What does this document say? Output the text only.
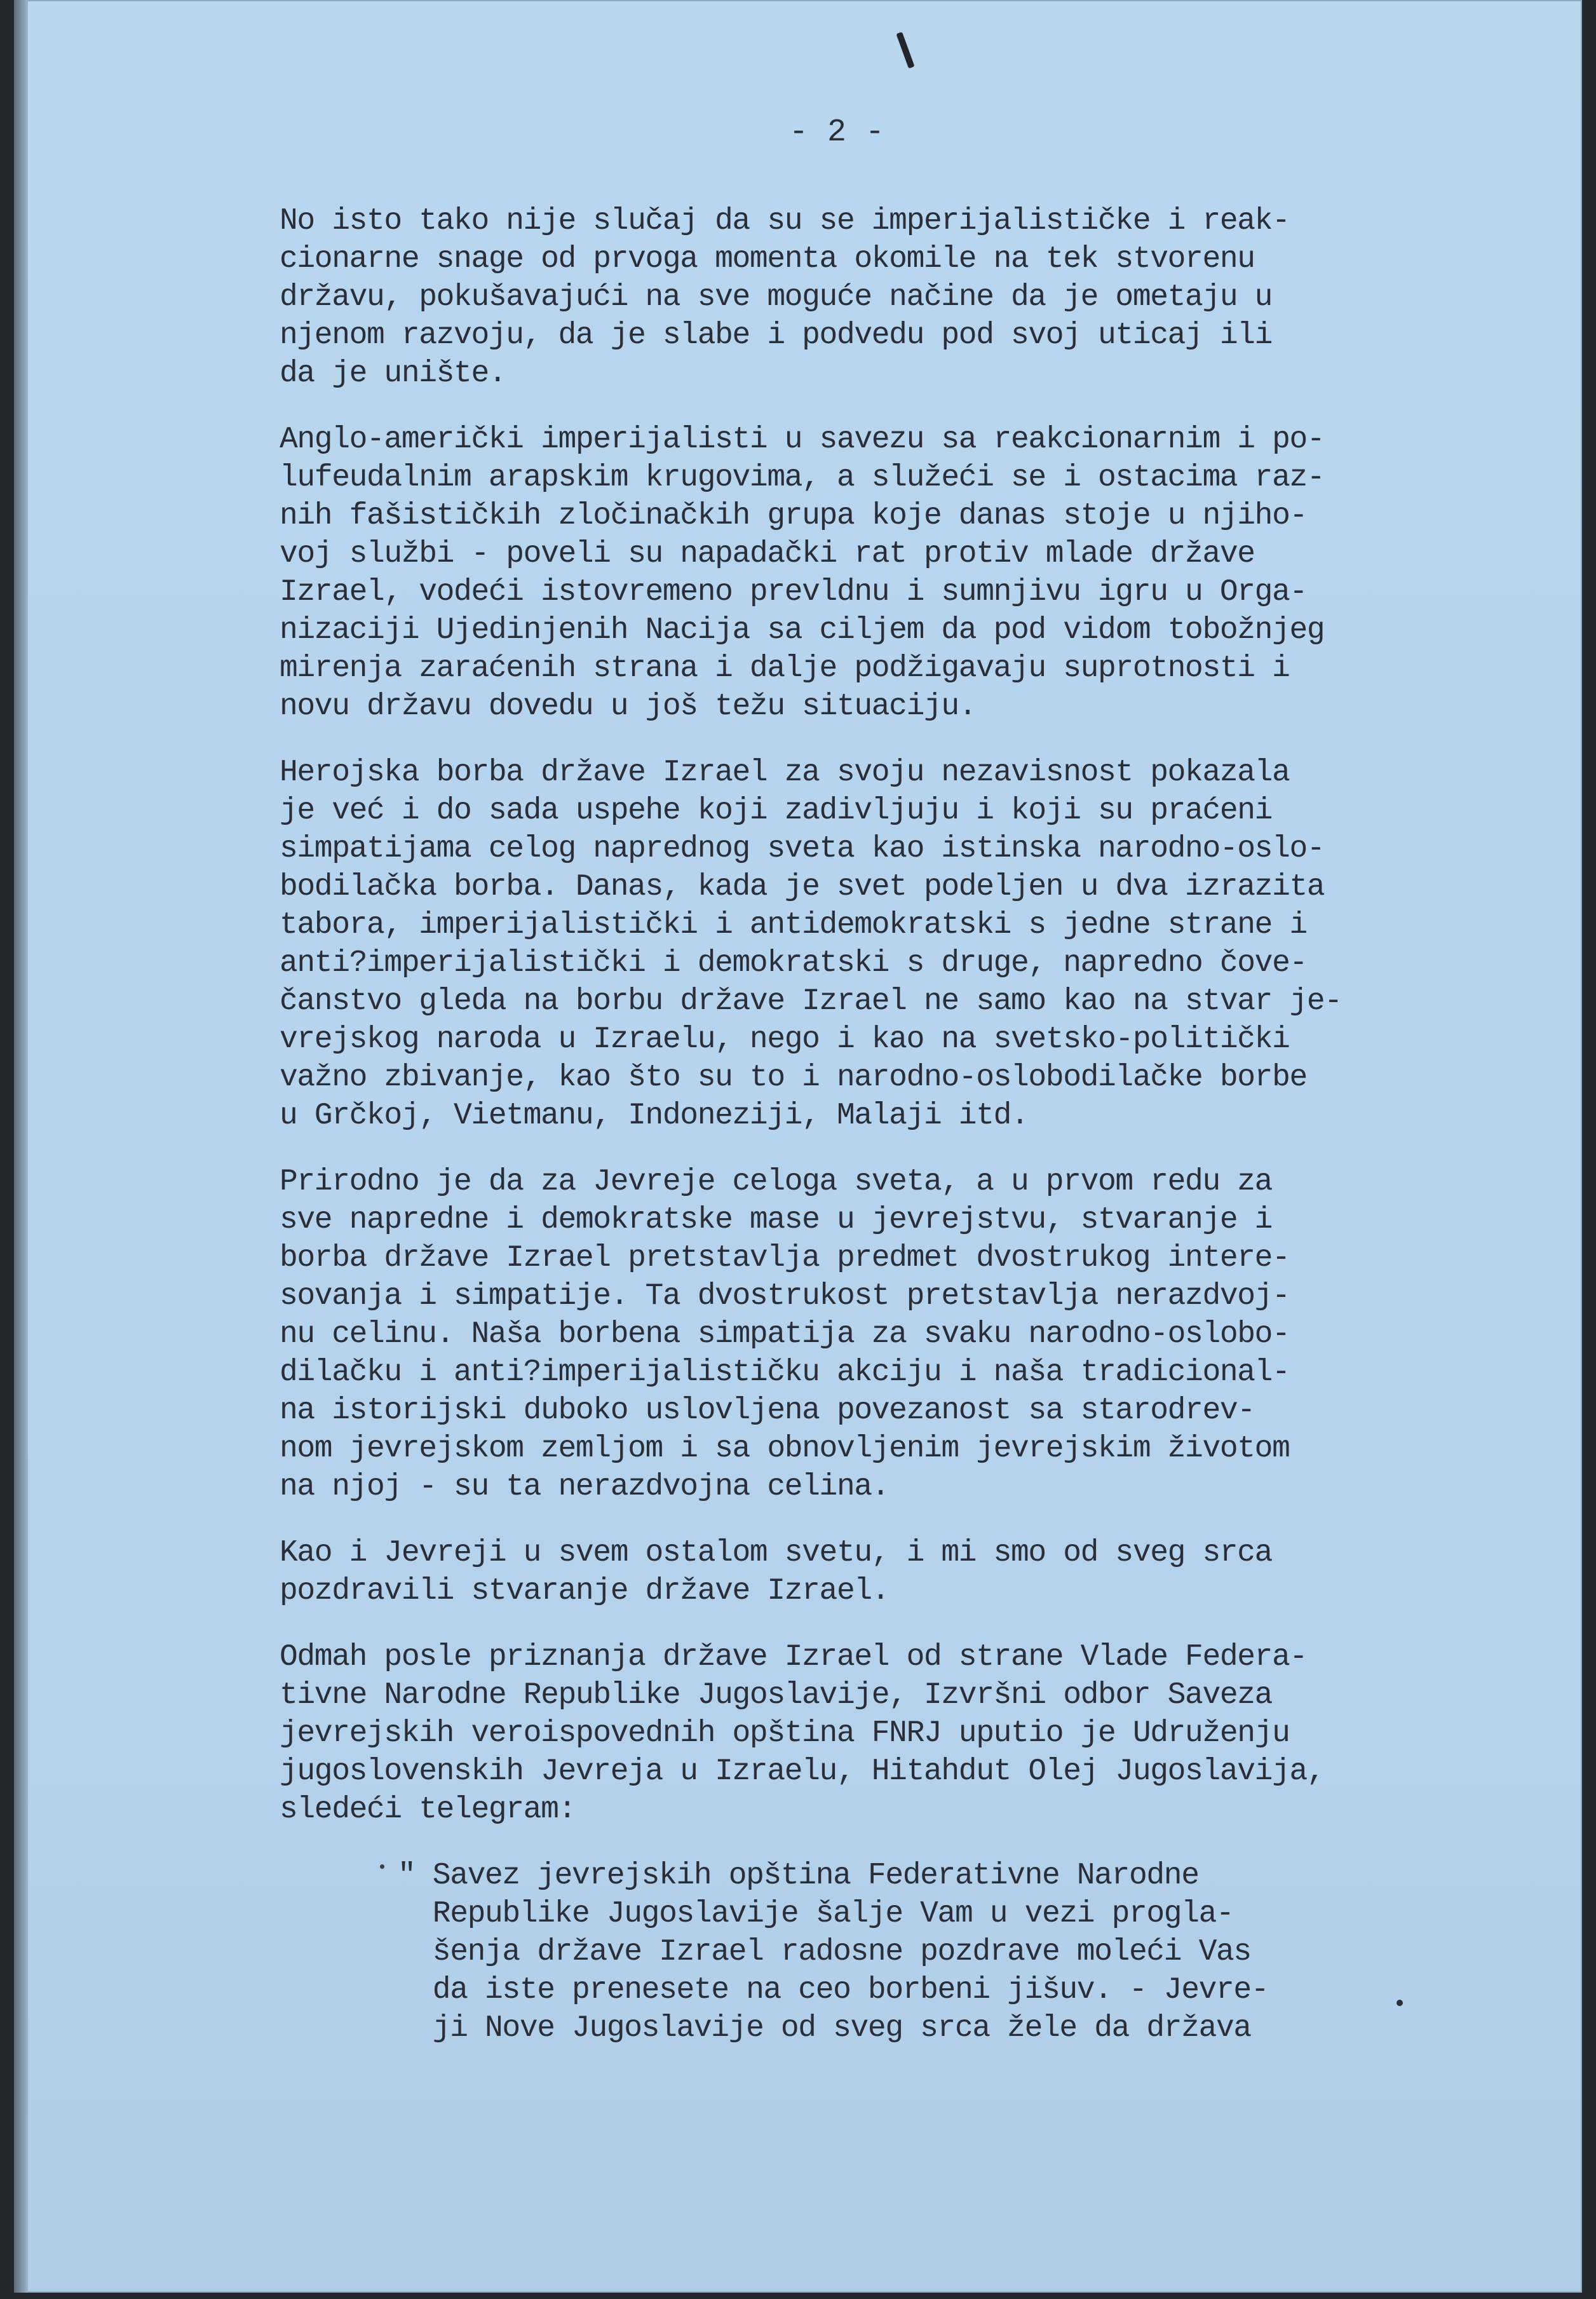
- 2 -
No isto tako nije slučaj da su se imperijalističke i reak-
cionarne snage od prvoga momenta okomile na tek stvorenu
državu, pokušavajući na sve moguće načine da je ometaju u
njenom razvoju, da je slabe i podvedu pod svoj uticaj ili
da je unište.
Anglo-američki imperijalisti u savezu sa reakcionarnim i po-
lufeudalnim arapskim krugovima, a služeći se i ostacima raz-
nih fašističkih zločinačkih grupa koje danas stoje u njiho-
voj službi - poveli su napadački rat protiv mlade države
Izrael, vodeći istovremeno prevldnu i sumnjivu igru u Orga-
nizaciji Ujedinjenih Nacija sa ciljem da pod vidom tobožnjeg
mirenja zaraćenih strana i dalje podžigavaju suprotnosti i
novu državu dovedu u još težu situaciju.
Herojska borba države Izrael za svoju nezavisnost pokazala
je već i do sada uspehe koji zadivljuju i koji su praćeni
simpatijama celog naprednog sveta kao istinska narodno-oslo-
bodilačka borba. Danas, kada je svet podeljen u dva izrazita
tabora, imperijalistički i antidemokratski s jedne strane i
anti?imperijalistički i demokratski s druge, napredno čove-
čanstvo gleda na borbu države Izrael ne samo kao na stvar je-
vrejskog naroda u Izraelu, nego i kao na svetsko-politički
važno zbivanje, kao što su to i narodno-oslobodilačke borbe
u Grčkoj, Vietmanu, Indoneziji, Malaji itd.
Prirodno je da za Jevreje celoga sveta, a u prvom redu za
sve napredne i demokratske mase u jevrejstvu, stvaranje i
borba države Izrael pretstavlja predmet dvostrukog intere-
sovanja i simpatije. Ta dvostrukost pretstavlja nerazdvoj-
nu celinu. Naša borbena simpatija za svaku narodno-oslobo-
dilačku i anti?imperijalističku akciju i naša tradicional-
na istorijski duboko uslovljena povezanost sa starodrev-
nom jevrejskom zemljom i sa obnovljenim jevrejskim životom
na njoj - su ta nerazdvojna celina.
Kao i Jevreji u svem ostalom svetu, i mi smo od sveg srca
pozdravili stvaranje države Izrael.
Odmah posle priznanja države Izrael od strane Vlade Federa-
tivne Narodne Republike Jugoslavije, Izvršni odbor Saveza
jevrejskih veroispovednih opština FNRJ uputio je Udruženju
jugoslovenskih Jevreja u Izraelu, Hitahdut Olej Jugoslavija,
sledeći telegram:
" Savez jevrejskih opština Federativne Narodne
Republike Jugoslavije šalje Vam u vezi progla-
šenja države Izrael radosne pozdrave moleći Vas
da iste prenesete na ceo borbeni jišuv. - Jevre-
ji Nove Jugoslavije od sveg srca žele da država
